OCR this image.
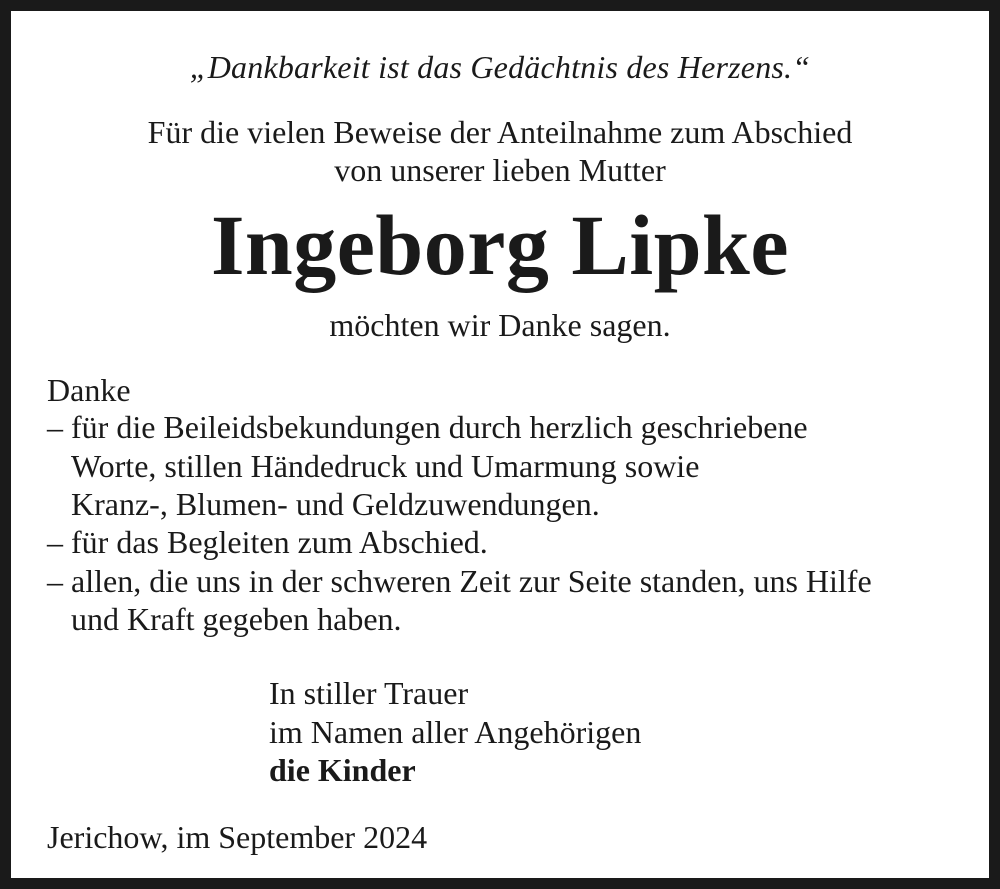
„Dankbarkeit ist das Gedächtnis des Herzens.“
Für die vielen Beweise der Anteilnahme zum Abschied
von unserer lieben Mutter
Ingeborg Lipke
möchten wir Danke sagen.
Danke
– für die Beileidsbekundungen durch herzlich geschriebene
Worte, stillen Händedruck und Umarmung sowie
Kranz-, Blumen- und Geldzuwendungen.
– für das Begleiten zum Abschied.
– allen, die uns in der schweren Zeit zur Seite standen, uns Hilfe
und Kraft gegeben haben.
In stiller Trauer
im Namen aller Angehörigen
die Kinder
Jerichow, im September 2024
